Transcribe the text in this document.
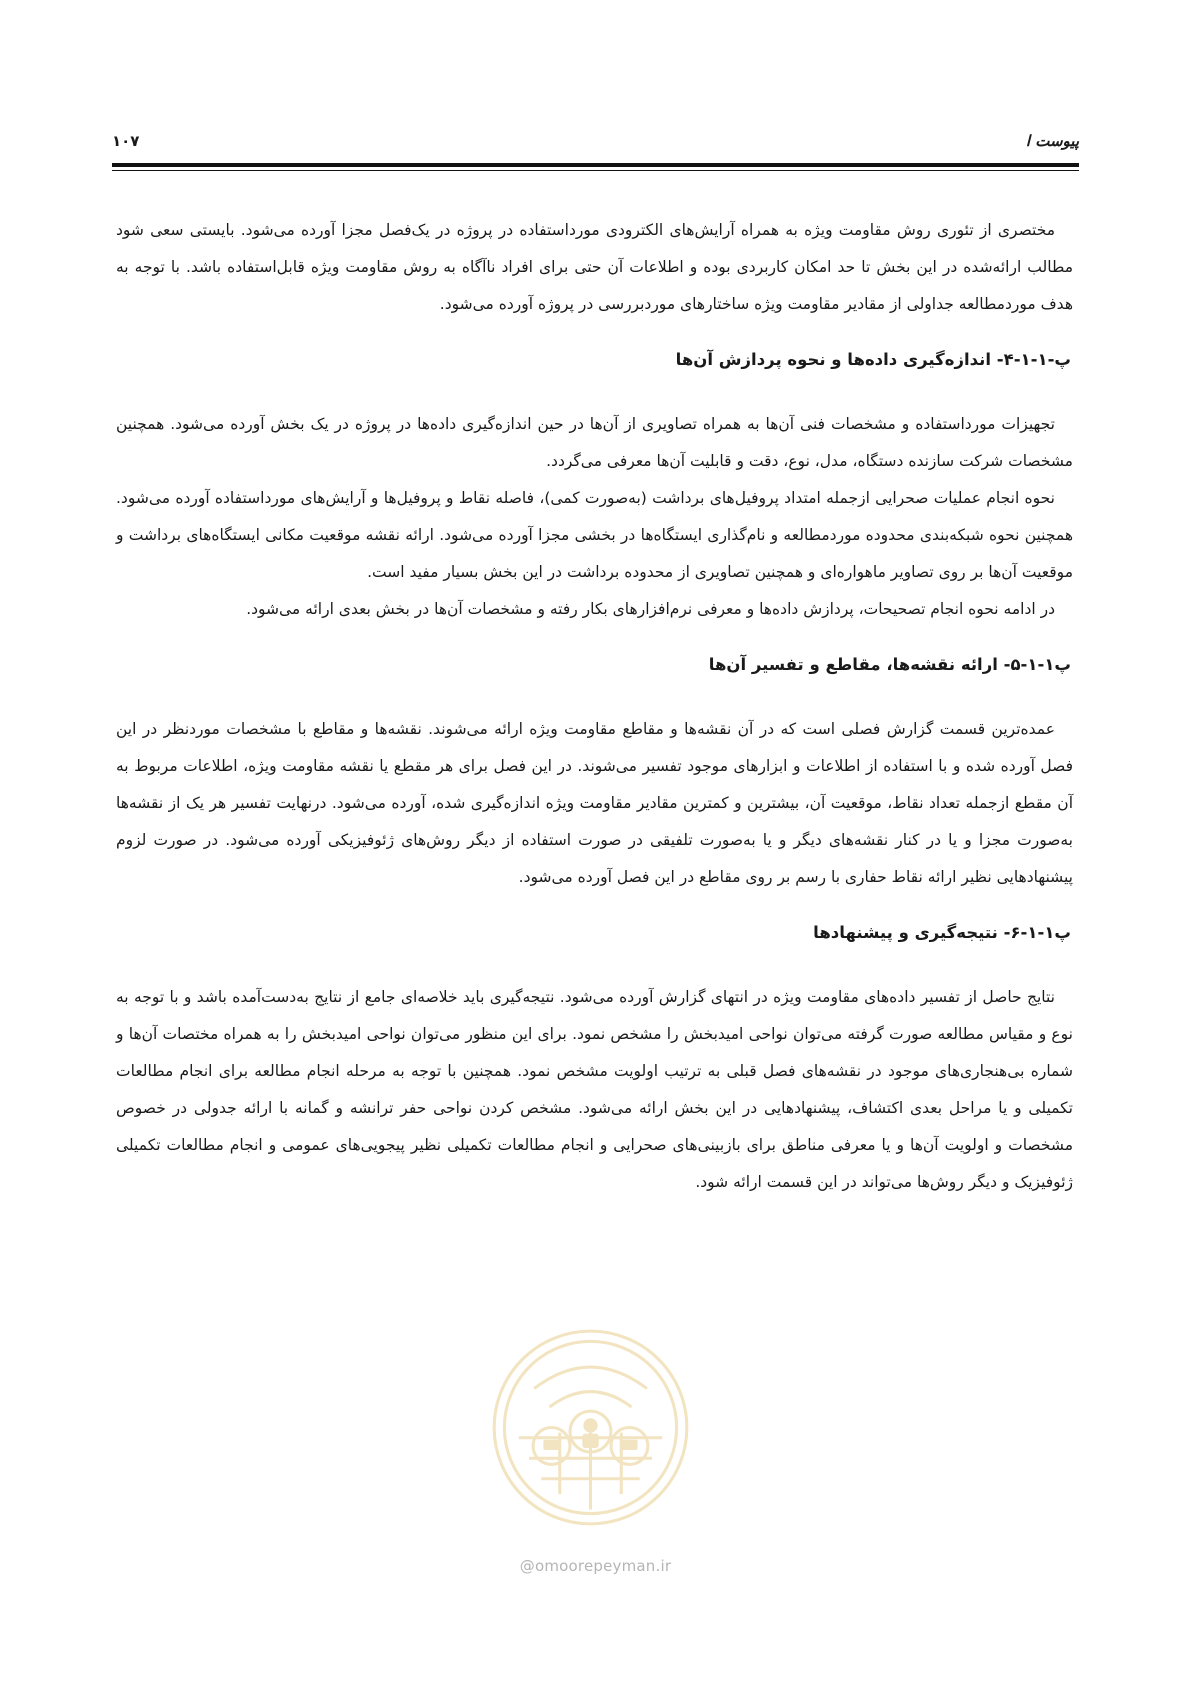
پیوست ا
۱۰۷

مختصری از تئوری روش مقاومت ویژه به همراه آرایش‌های الکترودی مورداستفاده در پروژه در یک‌فصل مجزا آورده می‌شود. بایستی سعی شود مطالب ارائه‌شده در این بخش تا حد امکان کاربردی بوده و اطلاعات آن حتی برای افراد ناآگاه به روش مقاومت ویژه قابل‌استفاده باشد. با توجه به هدف موردمطالعه جداولی از مقادیر مقاومت ویژه ساختارهای موردبررسی در پروژه آورده می‌شود.

پ-۱-۱-۴- اندازه‌گیری داده‌ها و نحوه پردازش آن‌ها

تجهیزات مورداستفاده و مشخصات فنی آن‌ها به همراه تصاویری از آن‌ها در حین اندازه‌گیری داده‌ها در پروژه در یک بخش آورده می‌شود. همچنین مشخصات شرکت سازنده دستگاه، مدل، نوع، دقت و قابلیت آن‌ها معرفی می‌گردد.

نحوه انجام عملیات صحرایی ازجمله امتداد پروفیل‌های برداشت (به‌صورت کمی)، فاصله نقاط و پروفیل‌ها و آرایش‌های مورداستفاده آورده می‌شود. همچنین نحوه شبکه‌بندی محدوده موردمطالعه و نام‌گذاری ایستگاه‌ها در بخشی مجزا آورده می‌شود. ارائه نقشه موقعیت مکانی ایستگاه‌های برداشت و موقعیت آن‌ها بر روی تصاویر ماهواره‌ای و همچنین تصاویری از محدوده برداشت در این بخش بسیار مفید است.

در ادامه نحوه انجام تصحیحات، پردازش داده‌ها و معرفی نرم‌افزارهای بکار رفته و مشخصات آن‌ها در بخش بعدی ارائه می‌شود.

پ۱-۱-۵- ارائه نقشه‌ها، مقاطع و تفسیر آن‌ها

عمده‌ترین قسمت گزارش فصلی است که در آن نقشه‌ها و مقاطع مقاومت ویژه ارائه می‌شوند. نقشه‌ها و مقاطع با مشخصات موردنظر در این فصل آورده شده و با استفاده از اطلاعات و ابزارهای موجود تفسیر می‌شوند. در این فصل برای هر مقطع یا نقشه مقاومت ویژه، اطلاعات مربوط به آن مقطع ازجمله تعداد نقاط، موقعیت آن، بیشترین و کمترین مقادیر مقاومت ویژه اندازه‌گیری شده، آورده می‌شود. درنهایت تفسیر هر یک از نقشه‌ها به‌صورت مجزا و یا در کنار نقشه‌های دیگر و یا به‌صورت تلفیقی در صورت استفاده از دیگر روش‌های ژئوفیزیکی آورده می‌شود. در صورت لزوم پیشنهادهایی نظیر ارائه نقاط حفاری با رسم بر روی مقاطع در این فصل آورده می‌شود.

پ۱-۱-۶- نتیجه‌گیری و پیشنهادها

نتایج حاصل از تفسیر داده‌های مقاومت ویژه در انتهای گزارش آورده می‌شود. نتیجه‌گیری باید خلاصه‌ای جامع از نتایج به‌دست‌آمده باشد و با توجه به نوع و مقیاس مطالعه صورت گرفته می‌توان نواحی امیدبخش را مشخص نمود. برای این منظور می‌توان نواحی امیدبخش را به همراه مختصات آن‌ها و شماره بی‌هنجاری‌های موجود در نقشه‌های فصل قبلی به ترتیب اولویت مشخص نمود. همچنین با توجه به مرحله انجام مطالعه برای انجام مطالعات تکمیلی و یا مراحل بعدی اکتشاف، پیشنهادهایی در این بخش ارائه می‌شود. مشخص کردن نواحی حفر ترانشه و گمانه با ارائه جدولی در خصوص مشخصات و اولویت آن‌ها و یا معرفی مناطق برای بازبینی‌های صحرایی و انجام مطالعات تکمیلی نظیر پیجویی‌های عمومی و انجام مطالعات تکمیلی ژئوفیزیک و دیگر روش‌ها می‌تواند در این قسمت ارائه شود.

@omoorepeyman.ir
